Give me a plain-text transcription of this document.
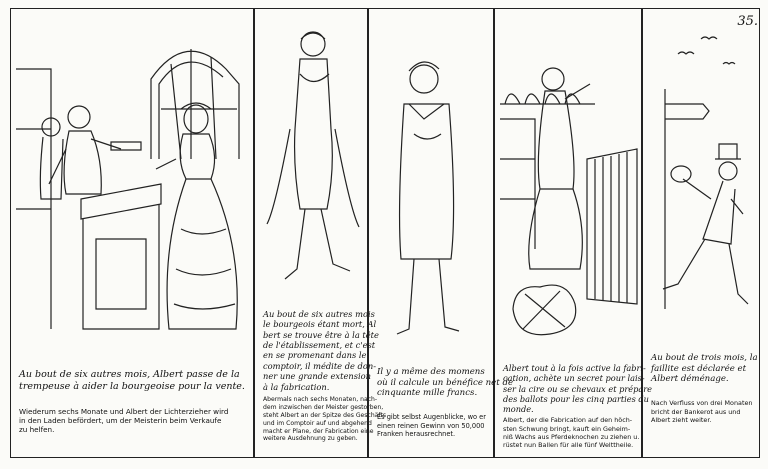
35.
Au bout de six autres mois, Albert passe de la
trempeuse à aider la bourgeoise pour la vente.
Wiederum sechs Monate und Albert der Lichterzieher wird
in den Laden befördert, um der Meisterin beim Verkaufe
zu helfen.
Au bout de six autres mois
le bourgeois étant mort, Al
bert se trouve être à la tête
de l'établissement, et c'est
en se promenant dans le
comptoir, il médite de don-
ner une grande extension
à la fabrication.
Abermals nach sechs Monaten, nach-
dem inzwischen der Meister gestorben,
steht Albert an der Spitze des Geschäfts
und im Comptoir auf und abgehend
macht er Plane, der Fabrication eine
weitere Ausdehnung zu geben.
Il y a même des momens
où il calcule un bénéfice net de
cinquante mille francs.
Es gibt selbst Augenblicke, wo er
einen reinen Gewinn von 50,000
Franken herausrechnet.
Albert tout à la fois active la fabri-
cation, achète un secret pour lais-
ser la cire ou se chevaux et prépare
des ballots pour les cinq parties du
monde.
Albert, der die Fabrication auf den höch-
sten Schwung bringt, kauft ein Geheim-
niß Wachs aus Pferdeknochen zu ziehen u.
rüstet nun Ballen für alle fünf Welttheile.
Au bout de trois mois, la
faillite est déclarée et
Albert déménage.
Nach Verfluss von drei Monaten
bricht der Bankerot aus und
Albert zieht weiter.
